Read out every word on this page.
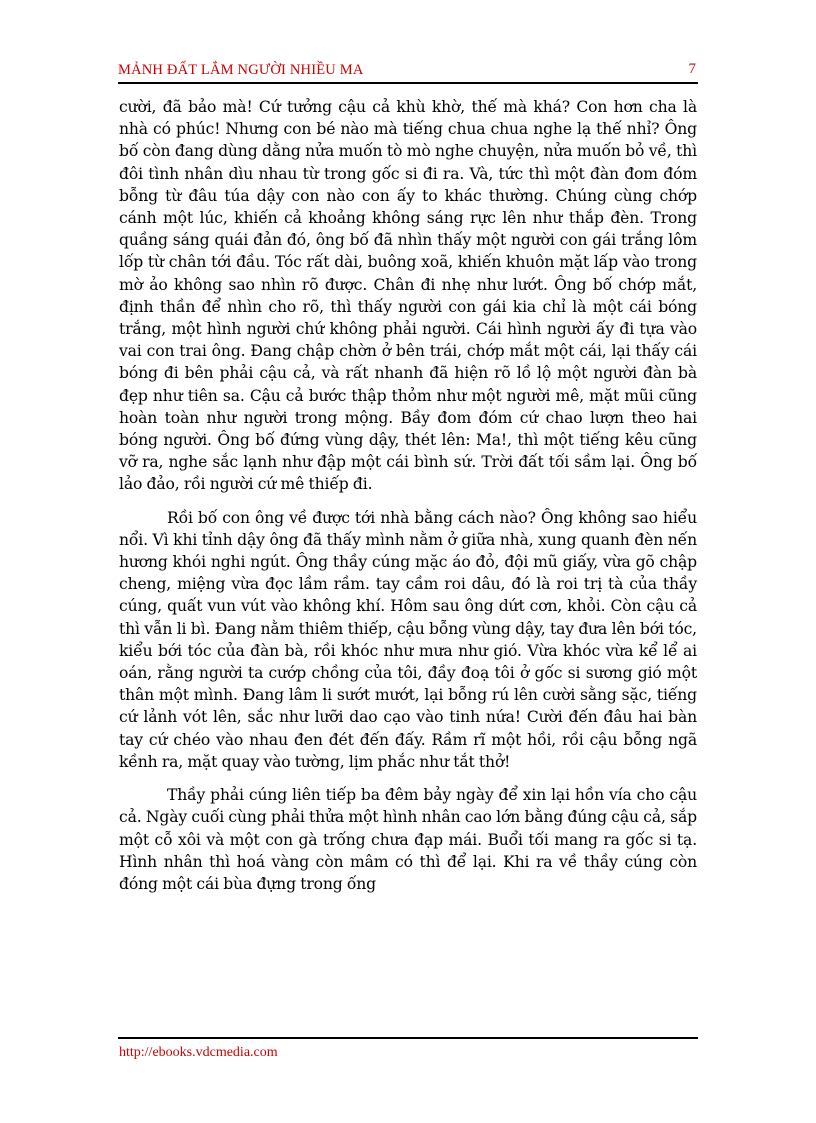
MẢNH ĐẤT LẮM NGƯỜI NHIỀU MA	7

cười, đã bảo mà! Cứ tưởng cậu cả khù khờ, thế mà khá? Con hơn cha là nhà có phúc! Nhưng con bé nào mà tiếng chua chua nghe lạ thế nhỉ? Ông bố còn đang dùng dằng nửa muốn tò mò nghe chuyện, nửa muốn bỏ về, thì đôi tình nhân dìu nhau từ trong gốc si đi ra. Và, tức thì một đàn đom đóm bỗng từ đâu túa dậy con nào con ấy to khác thường. Chúng cùng chớp cánh một lúc, khiến cả khoảng không sáng rực lên như thắp đèn. Trong quầng sáng quái đản đó, ông bố đã nhìn thấy một người con gái trắng lôm lốp từ chân tới đầu. Tóc rất dài, buông xoã, khiến khuôn mặt lấp vào trong mờ ảo không sao nhìn rõ được. Chân đi nhẹ như lướt. Ông bố chớp mắt, định thần để nhìn cho rõ, thì thấy người con gái kia chỉ là một cái bóng trắng, một hình người chứ không phải người. Cái hình người ấy đi tựa vào vai con trai ông. Đang chập chờn ở bên trái, chớp mắt một cái, lại thấy cái bóng đi bên phải cậu cả, và rất nhanh đã hiện rõ lồ lộ một người đàn bà đẹp như tiên sa. Cậu cả bước thập thỏm như một người mê, mặt mũi cũng hoàn toàn như người trong mộng. Bầy đom đóm cứ chao lượn theo hai bóng người. Ông bố đứng vùng dậy, thét lên: Ma!, thì một tiếng kêu cũng vỡ ra, nghe sắc lạnh như đập một cái bình sứ. Trời đất tối sầm lại. Ông bố lảo đảo, rồi người cứ mê thiếp đi.

Rồi bố con ông về được tới nhà bằng cách nào? Ông không sao hiểu nổi. Vì khi tỉnh dậy ông đã thấy mình nằm ở giữa nhà, xung quanh đèn nến hương khói nghi ngút. Ông thầy cúng mặc áo đỏ, đội mũ giấy, vừa gõ chập cheng, miệng vừa đọc lầm rầm. tay cầm roi dâu, đó là roi trị tà của thầy cúng, quất vun vút vào không khí. Hôm sau ông dứt cơn, khỏi. Còn cậu cả thì vẫn li bì. Đang nằm thiêm thiếp, cậu bỗng vùng dậy, tay đưa lên bới tóc, kiểu bới tóc của đàn bà, rồi khóc như mưa như gió. Vừa khóc vừa kể lể ai oán, rằng người ta cướp chồng của tôi, đầy đoạ tôi ở gốc si sương gió một thân một mình. Đang lâm li sướt mướt, lại bỗng rú lên cười sằng sặc, tiếng cứ lảnh vót lên, sắc như lưỡi dao cạo vào tinh nứa! Cười đến đâu hai bàn tay cứ chéo vào nhau đen đét đến đấy. Rầm rĩ một hồi, rồi cậu bỗng ngã kềnh ra, mặt quay vào tường, lịm phắc như tắt thở!

Thầy phải cúng liên tiếp ba đêm bảy ngày để xin lại hồn vía cho cậu cả. Ngày cuối cùng phải thửa một hình nhân cao lớn bằng đúng cậu cả, sắp một cỗ xôi và một con gà trống chưa đạp mái. Buổi tối mang ra gốc si tạ. Hình nhân thì hoá vàng còn mâm có thì để lại. Khi ra về thầy cúng còn đóng một cái bùa đựng trong ống

http://ebooks.vdcmedia.com
